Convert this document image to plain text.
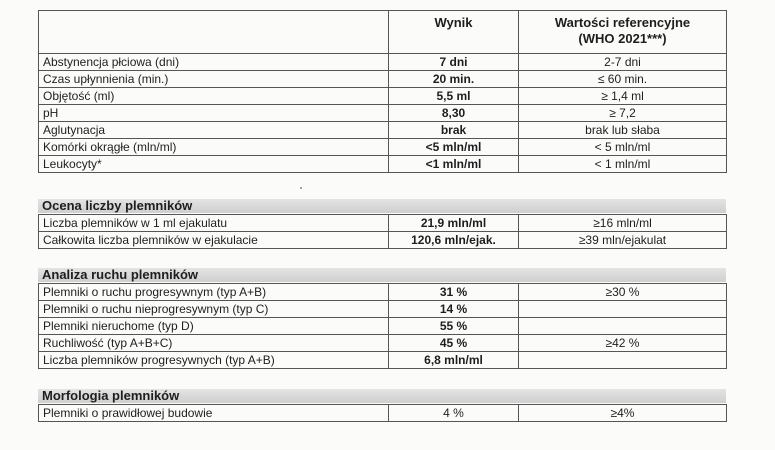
	Wynik	Wartości referencyjne
(WHO 2021***)

Abstynencja płciowa (dni)	7 dni	2-7 dni
Czas upłynnienia (min.)	20 min.	≤ 60 min.
Objętość (ml)	5,5 ml	≥ 1,4 ml
pH	8,30	≥ 7,2
Aglutynacja	brak	brak lub słaba
Komórki okrągłe (mln/ml)	<5 mln/ml	< 5 mln/ml
Leukocyty*	<1 mln/ml	< 1 mln/ml
Ocena liczby plemników
Liczba plemników w 1 ml ejakulatu	21,9 mln/ml	≥16 mln/ml
Całkowita liczba plemników w ejakulacie	120,6 mln/ejak.	≥39 mln/ejakulat
Analiza ruchu plemników
Plemniki o ruchu progresywnym (typ A+B)	31 %	≥30 %
Plemniki o ruchu nieprogresywnym (typ C)	14 %	
Plemniki nieruchome (typ D)	55 %	
Ruchliwość (typ A+B+C)	45 %	≥42 %
Liczba plemników progresywnych (typ A+B)	6,8 mln/ml	
Morfologia plemników
Plemniki o prawidłowej budowie	4 %	≥4%
